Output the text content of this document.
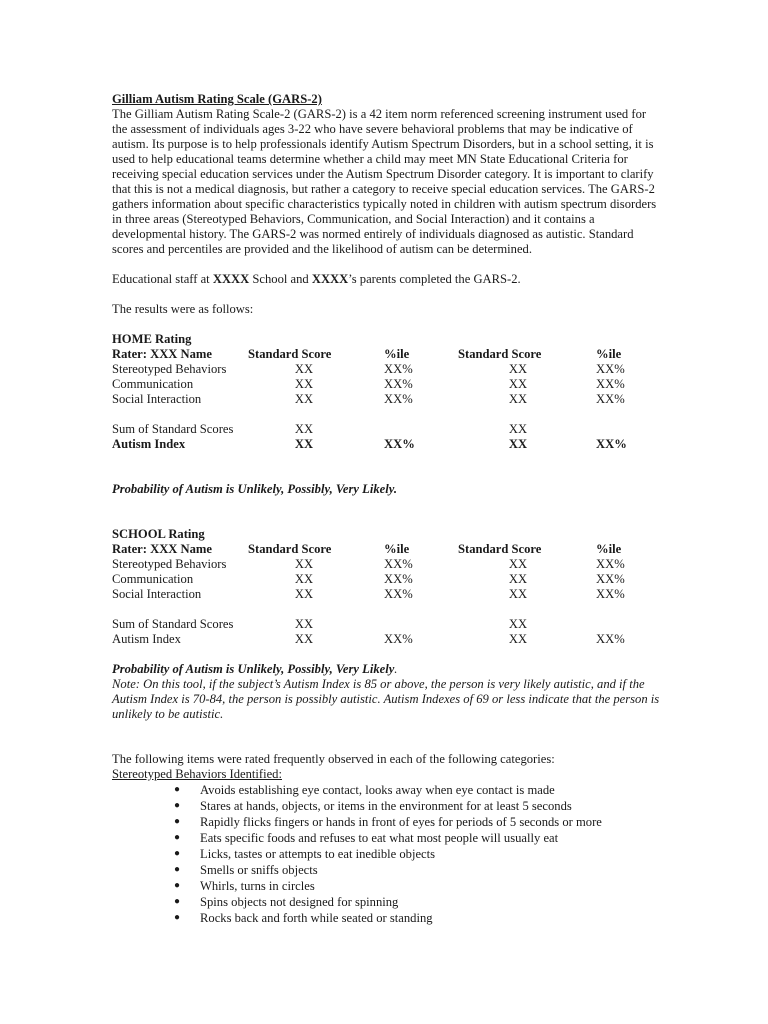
Gilliam Autism Rating Scale (GARS-2)

The Gilliam Autism Rating Scale-2 (GARS-2) is a 42 item norm referenced screening instrument used for the assessment of individuals ages 3-22 who have severe behavioral problems that may be indicative of autism. Its purpose is to help professionals identify Autism Spectrum Disorders, but in a school setting, it is used to help educational teams determine whether a child may meet MN State Educational Criteria for receiving special education services under the Autism Spectrum Disorder category. It is important to clarify that this is not a medical diagnosis, but rather a category to receive special education services. The GARS-2 gathers information about specific characteristics typically noted in children with autism spectrum disorders in three areas (Stereotyped Behaviors, Communication, and Social Interaction) and it contains a developmental history. The GARS-2 was normed entirely of individuals diagnosed as autistic. Standard scores and percentiles are provided and the likelihood of autism can be determined.

Educational staff at XXXX School and XXXX’s parents completed the GARS-2.

The results were as follows:

HOME Rating

Rater: XXX Name	Standard Score	%ile	Standard Score	%ile
Stereotyped Behaviors	XX	XX%	XX	XX%
Communication	XX	XX%	XX	XX%
Social Interaction	XX	XX%	XX	XX%

Sum of Standard Scores	XX		XX	
Autism Index	XX	XX%	XX	XX%

Probability of Autism is Unlikely, Possibly, Very Likely.

SCHOOL Rating

Rater: XXX Name	Standard Score	%ile	Standard Score	%ile
Stereotyped Behaviors	XX	XX%	XX	XX%
Communication	XX	XX%	XX	XX%
Social Interaction	XX	XX%	XX	XX%

Sum of Standard Scores	XX		XX	
Autism Index	XX	XX%	XX	XX%

Probability of Autism is Unlikely, Possibly, Very Likely.

Note: On this tool, if the subject’s Autism Index is 85 or above, the person is very likely autistic, and if the Autism Index is 70-84, the person is possibly autistic. Autism Indexes of 69 or less indicate that the person is unlikely to be autistic.

The following items were rated frequently observed in each of the following categories:

Stereotyped Behaviors Identified:

● Avoids establishing eye contact, looks away when eye contact is made
● Stares at hands, objects, or items in the environment for at least 5 seconds
● Rapidly flicks fingers or hands in front of eyes for periods of 5 seconds or more
● Eats specific foods and refuses to eat what most people will usually eat
● Licks, tastes or attempts to eat inedible objects
● Smells or sniffs objects
● Whirls, turns in circles
● Spins objects not designed for spinning
● Rocks back and forth while seated or standing
